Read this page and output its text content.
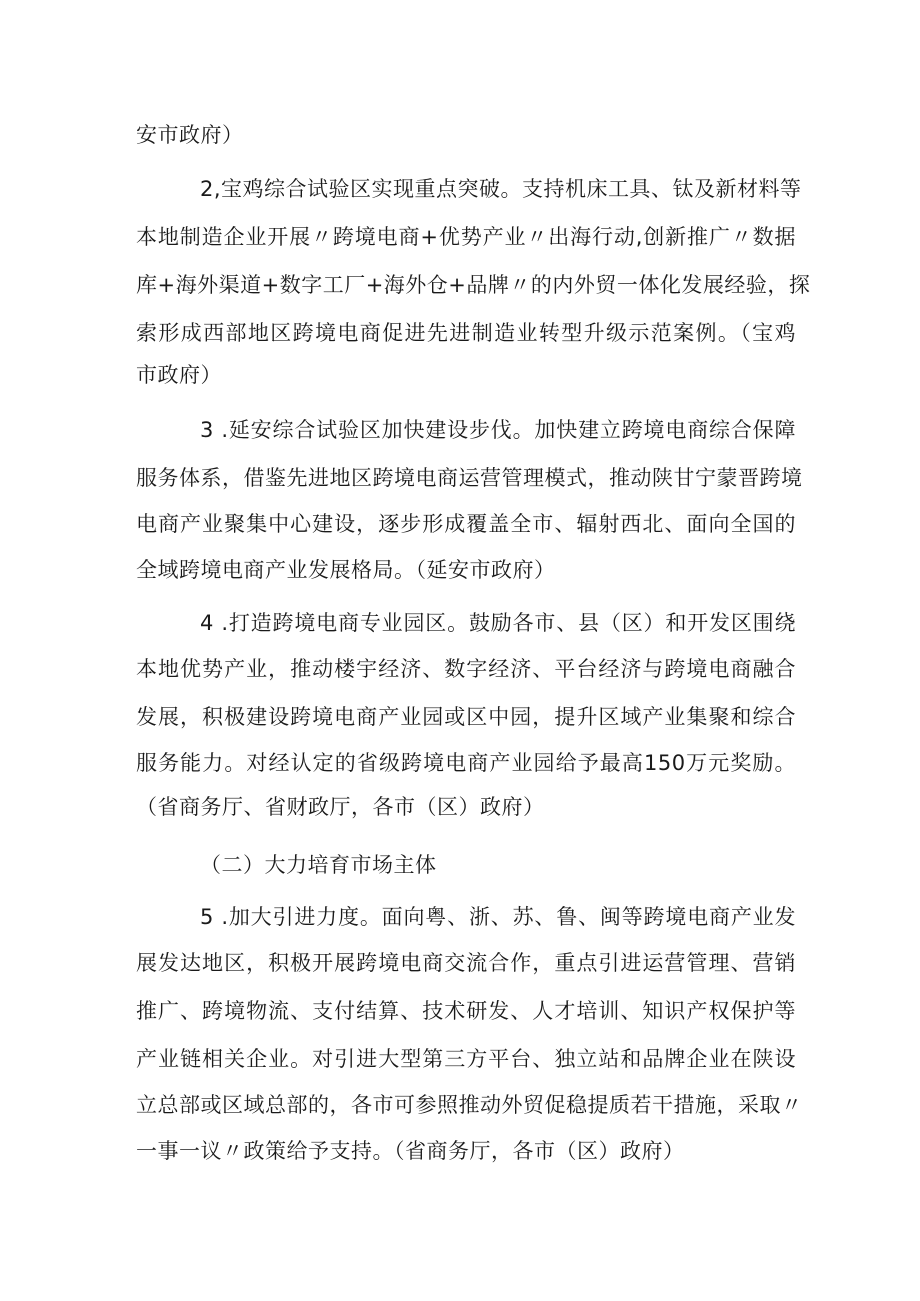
安市政府）
2,宝鸡综合试验区实现重点突破。支持机床工具、钛及新材料等
本地制造企业开展〃跨境电商+优势产业〃出海行动,创新推广〃数据
库+海外渠道+数字工厂+海外仓+品牌〃的内外贸一体化发展经验，探
索形成西部地区跨境电商促进先进制造业转型升级示范案例。（宝鸡
市政府）
3 .延安综合试验区加快建设步伐。加快建立跨境电商综合保障
服务体系，借鉴先进地区跨境电商运营管理模式，推动陕甘宁蒙晋跨境
电商产业聚集中心建设，逐步形成覆盖全市、辐射西北、面向全国的
全域跨境电商产业发展格局。（延安市政府）
4 .打造跨境电商专业园区。鼓励各市、县（区）和开发区围绕
本地优势产业，推动楼宇经济、数字经济、平台经济与跨境电商融合
发展，积极建设跨境电商产业园或区中园，提升区域产业集聚和综合
服务能力。对经认定的省级跨境电商产业园给予最高150万元奖励。
（省商务厅、省财政厅，各市（区）政府）
（二）大力培育市场主体
5 .加大引进力度。面向粤、浙、苏、鲁、闽等跨境电商产业发
展发达地区，积极开展跨境电商交流合作，重点引进运营管理、营销
推广、跨境物流、支付结算、技术研发、人才培训、知识产权保护等
产业链相关企业。对引进大型第三方平台、独立站和品牌企业在陕设
立总部或区域总部的，各市可参照推动外贸促稳提质若干措施，采取〃
一事一议〃政策给予支持。（省商务厅，各市（区）政府）
